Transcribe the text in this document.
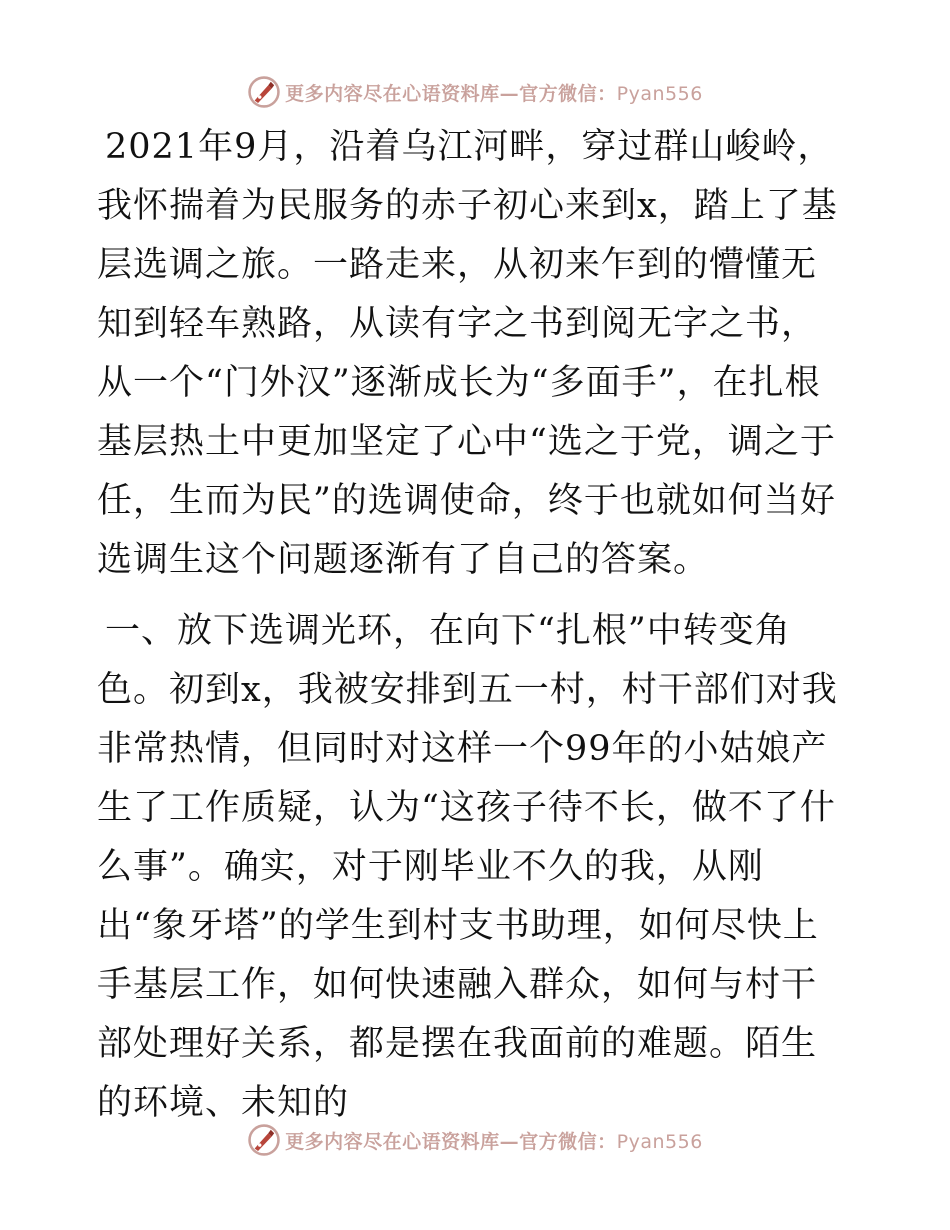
更多内容尽在心语资料库—官方微信：Pyan556

2021年9月，沿着乌江河畔，穿过群山峻岭，我怀揣着为民服务的赤子初心来到x，踏上了基层选调之旅。一路走来，从初来乍到的懵懂无知到轻车熟路，从读有字之书到阅无字之书，从一个“门外汉”逐渐成长为“多面手”，在扎根基层热土中更加坚定了心中“选之于党，调之于任，生而为民”的选调使命，终于也就如何当好选调生这个问题逐渐有了自己的答案。

一、放下选调光环，在向下“扎根”中转变角色。初到x，我被安排到五一村，村干部们对我非常热情，但同时对这样一个99年的小姑娘产生了工作质疑，认为“这孩子待不长，做不了什么事”。确实，对于刚毕业不久的我，从刚出“象牙塔”的学生到村支书助理，如何尽快上手基层工作，如何快速融入群众，如何与村干部处理好关系，都是摆在我面前的难题。陌生的环境、未知的

更多内容尽在心语资料库—官方微信：Pyan556
